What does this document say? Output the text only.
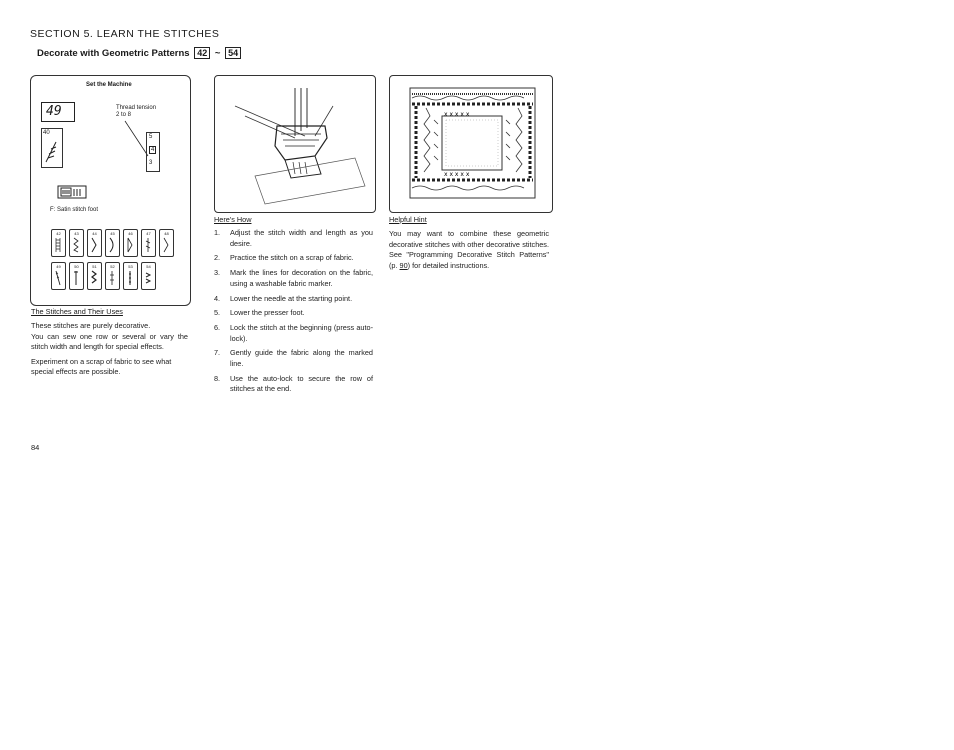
SECTION 5. LEARN THE STITCHES
Decorate with Geometric Patterns 42 ~ 54
Set the Machine
49
40
Thread tension
2 to 8
5
4
3
F: Satin stitch foot
42	43	44	45	46	47	48
49	50	51	52	53	54
The Stitches and Their Uses
These stitches are purely decorative.
You can sew one row or several or vary the stitch width and length for special effects.
Experiment on a scrap of fabric to see what special effects are possible.
Here's How
1.	Adjust the stitch width and length as you desire.
2.	Practice the stitch on a scrap of fabric.
3.	Mark the lines for decoration on the fabric, using a washable fabric marker.
4.	Lower the needle at the starting point.
5.	Lower the presser foot.
6.	Lock the stitch at the beginning (press auto-lock).
7.	Gently guide the fabric along the marked line.
8.	Use the auto-lock to secure the row of stitches at the end.
x x x x x
x x x x x
Helpful Hint
You may want to combine these geometric decorative stitches with other decorative stitches. See "Programming Decorative Stitch Patterns" (p. 90) for detailed instructions.
84
